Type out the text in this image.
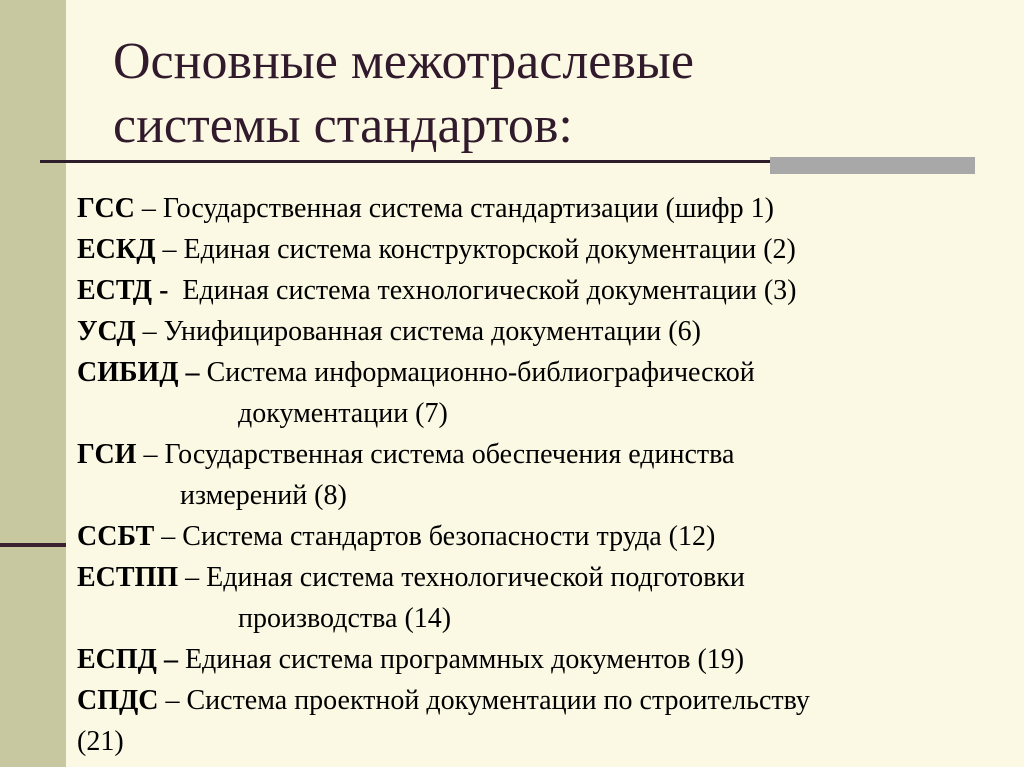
Основные межотраслевые
системы стандартов:

ГСС – Государственная система стандартизации (шифр 1)

ЕСКД – Единая система конструкторской документации (2)

ЕСТД - Единая система технологической документации (3)

УСД – Унифицированная система документации (6)

СИБИД – Система информационно-библиографической
документации (7)

ГСИ – Государственная система обеспечения единства
измерений (8)

ССБТ – Система стандартов безопасности труда (12)

ЕСТПП – Единая система технологической подготовки
производства (14)

ЕСПД – Единая система программных документов (19)

СПДС – Система проектной документации по строительству
(21)
